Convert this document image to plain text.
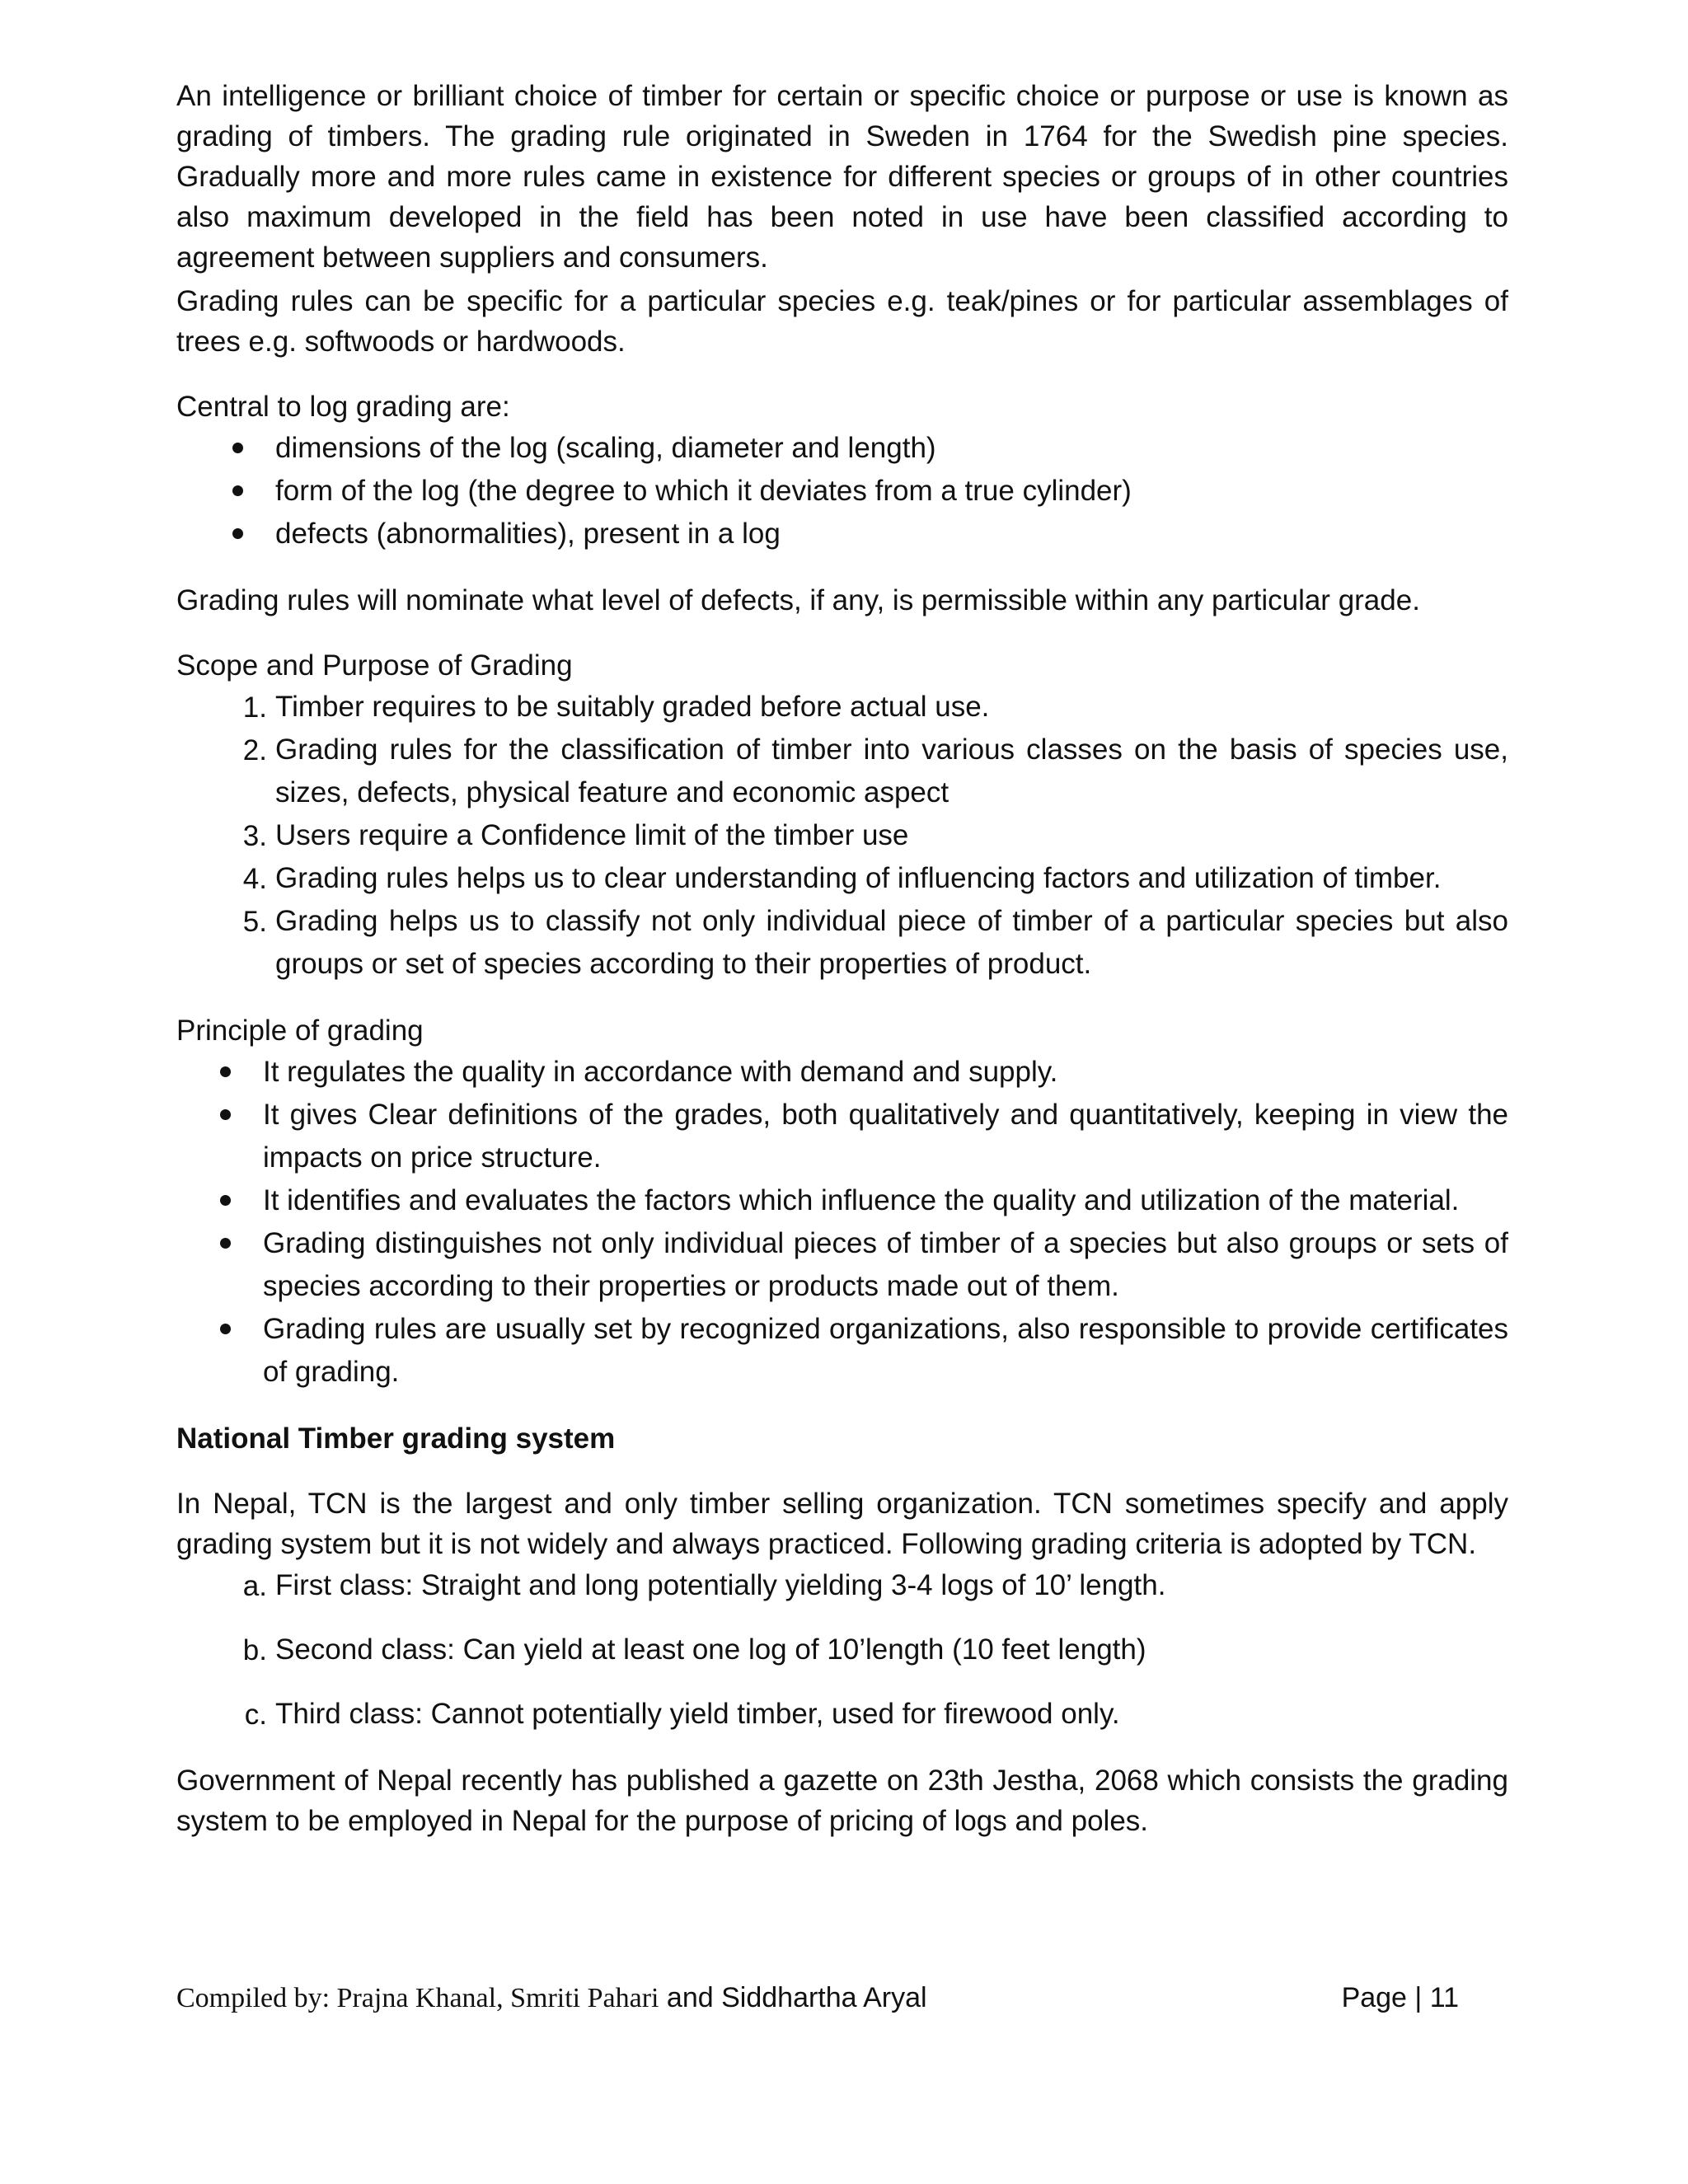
An intelligence or brilliant choice of timber for certain or specific choice or purpose or use is known as grading of timbers. The grading rule originated in Sweden in 1764 for the Swedish pine species. Gradually more and more rules came in existence for different species or groups of in other countries also maximum developed in the field has been noted in use have been classified according to agreement between suppliers and consumers.

Grading rules can be specific for a particular species e.g. teak/pines or for particular assemblages of trees e.g. softwoods or hardwoods.

Central to log grading are:

dimensions of the log (scaling, diameter and length)
form of the log (the degree to which it deviates from a true cylinder)
defects (abnormalities), present in a log

Grading rules will nominate what level of defects, if any, is permissible within any particular grade.

Scope and Purpose of Grading

1. Timber requires to be suitably graded before actual use.
2. Grading rules for the classification of timber into various classes on the basis of species use, sizes, defects, physical feature and economic aspect
3. Users require a Confidence limit of the timber use
4. Grading rules helps us to clear understanding of influencing factors and utilization of timber.
5. Grading helps us to classify not only individual piece of timber of a particular species but also groups or set of species according to their properties of product.

Principle of grading

It regulates the quality in accordance with demand and supply.
It gives Clear definitions of the grades, both qualitatively and quantitatively, keeping in view the impacts on price structure.
It identifies and evaluates the factors which influence the quality and utilization of the material.
Grading distinguishes not only individual pieces of timber of a species but also groups or sets of species according to their properties or products made out of them.
Grading rules are usually set by recognized organizations, also responsible to provide certificates of grading.

National Timber grading system

In Nepal, TCN is the largest and only timber selling organization. TCN sometimes specify and apply grading system but it is not widely and always practiced. Following grading criteria is adopted by TCN.

a. First class: Straight and long potentially yielding 3-4 logs of 10’ length.
b. Second class: Can yield at least one log of 10’length (10 feet length)
c. Third class: Cannot potentially yield timber, used for firewood only.

Government of Nepal recently has published a gazette on 23th Jestha, 2068 which consists the grading system to be employed in Nepal for the purpose of pricing of logs and poles.

Compiled by: Prajna Khanal, Smriti Pahari and Siddhartha Aryal	Page | 11
